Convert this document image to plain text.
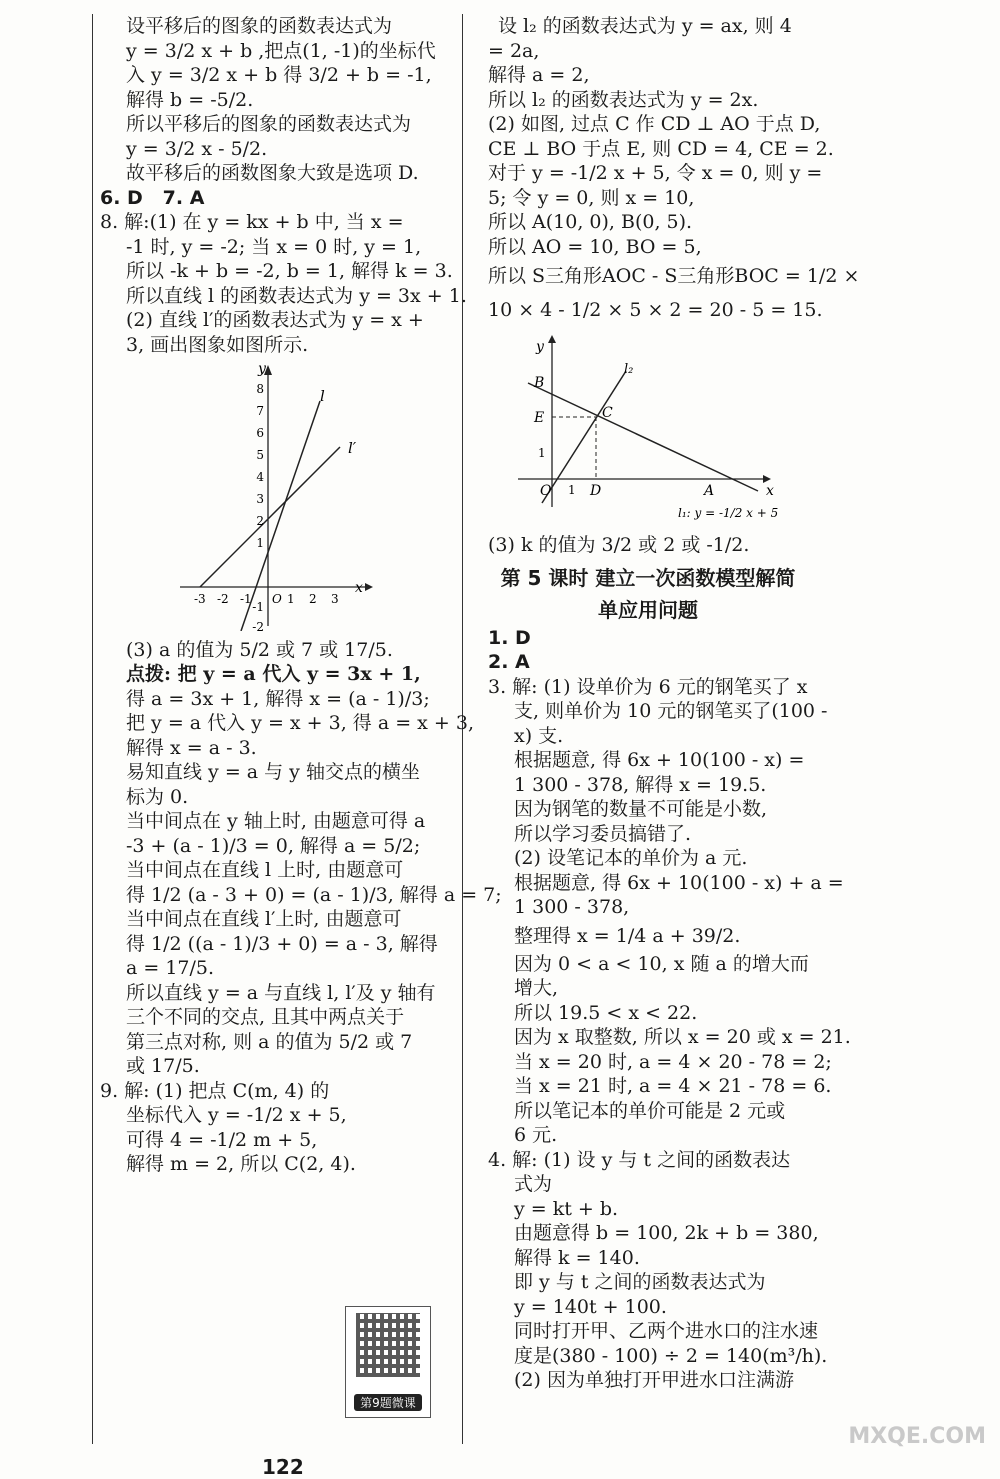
设平移后的图象的函数表达式为
y = 3/2 x + b ,把点(1, -1)的坐标代
入 y = 3/2 x + b 得 3/2 + b = -1,
解得 b = -5/2.
所以平移后的图象的函数表达式为
y = 3/2 x - 5/2.
故平移后的函数图象大致是选项 D.
6. D   7. A
8. 解:(1) 在 y = kx + b 中, 当 x =
-1 时, y = -2; 当 x = 0 时, y = 1,
所以 -k + b = -2, b = 1, 解得 k = 3.
所以直线 l 的函数表达式为 y = 3x + 1.
(2) 直线 l′的函数表达式为 y = x +
3, 画出图象如图所示.
x
y
l
l′
-3 -2 -1 O 1 2 3
8
7
6
5
4
3
2
1
-1
-2
(3) a 的值为 5/2 或 7 或 17/5.
点拨: 把 y = a 代入 y = 3x + 1,
得 a = 3x + 1, 解得 x = (a - 1)/3;
把 y = a 代入 y = x + 3, 得 a = x + 3,
解得 x = a - 3.
易知直线 y = a 与 y 轴交点的横坐
标为 0.
当中间点在 y 轴上时, 由题意可得 a
-3 + (a - 1)/3 = 0, 解得 a = 5/2;
当中间点在直线 l 上时, 由题意可
得 1/2 (a - 3 + 0) = (a - 1)/3, 解得 a = 7;
当中间点在直线 l′上时, 由题意可
得 1/2 ((a - 1)/3 + 0) = a - 3, 解得
a = 17/5.
所以直线 y = a 与直线 l, l′及 y 轴有
三个不同的交点, 且其中两点关于
第三点对称, 则 a 的值为 5/2 或 7
或 17/5.
9. 解: (1) 把点 C(m, 4) 的
坐标代入 y = -1/2 x + 5,
可得 4 = -1/2 m + 5,
解得 m = 2, 所以 C(2, 4).
第9题微课
设 l₂ 的函数表达式为 y = ax, 则 4
= 2a,
解得 a = 2,
所以 l₂ 的函数表达式为 y = 2x.
(2) 如图, 过点 C 作 CD ⊥ AO 于点 D,
CE ⊥ BO 于点 E, 则 CD = 4, CE = 2.
对于 y = -1/2 x + 5, 令 x = 0, 则 y =
5; 令 y = 0, 则 x = 10,
所以 A(10, 0), B(0, 5).
所以 AO = 10, BO = 5,
所以 S三角形AOC - S三角形BOC = 1/2 ×
10 × 4 - 1/2 × 5 × 2 = 20 - 5 = 15.
y
B
E	C
1
O 1 D	A	x
l₂
l₁: y = -1/2 x + 5
(3) k 的值为 3/2 或 2 或 -1/2.
第 5 课时 建立一次函数模型解简
单应用问题
1. D
2. A
3. 解: (1) 设单价为 6 元的钢笔买了 x
支, 则单价为 10 元的钢笔买了(100 -
x) 支.
根据题意, 得 6x + 10(100 - x) =
1 300 - 378, 解得 x = 19.5.
因为钢笔的数量不可能是小数,
所以学习委员搞错了.
(2) 设笔记本的单价为 a 元.
根据题意, 得 6x + 10(100 - x) + a =
1 300 - 378,
整理得 x = 1/4 a + 39/2.
因为 0 < a < 10, x 随 a 的增大而
增大,
所以 19.5 < x < 22.
因为 x 取整数, 所以 x = 20 或 x = 21.
当 x = 20 时, a = 4 × 20 - 78 = 2;
当 x = 21 时, a = 4 × 21 - 78 = 6.
所以笔记本的单价可能是 2 元或
6 元.
4. 解: (1) 设 y 与 t 之间的函数表达
式为
y = kt + b.
由题意得 b = 100, 2k + b = 380,
解得 k = 140.
即 y 与 t 之间的函数表达式为
y = 140t + 100.
同时打开甲、乙两个进水口的注水速
度是(380 - 100) ÷ 2 = 140(m³/h).
(2) 因为单独打开甲进水口注满游
MXQE.COM
122
